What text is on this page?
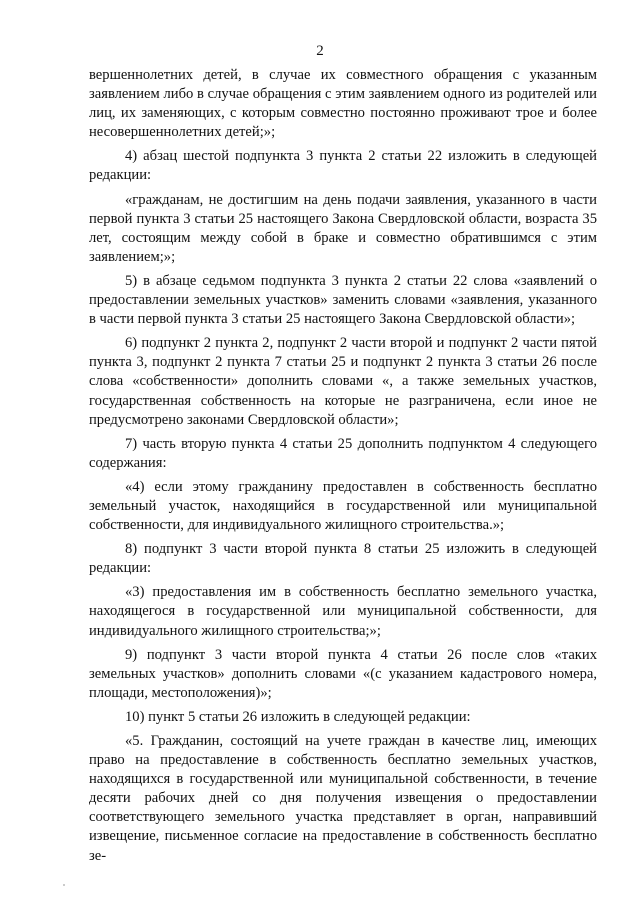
2

вершеннолетних детей, в случае их совместного обращения с указанным заявлением либо в случае обращения с этим заявлением одного из родителей или лиц, их заменяющих, с которым совместно постоянно проживают трое и более несовершеннолетних детей;»;

4) абзац шестой подпункта 3 пункта 2 статьи 22 изложить в следующей редакции:

«гражданам, не достигшим на день подачи заявления, указанного в части первой пункта 3 статьи 25 настоящего Закона Свердловской области, возраста 35 лет, состоящим между собой в браке и совместно обратившимся с этим заявлением;»;

5) в абзаце седьмом подпункта 3 пункта 2 статьи 22 слова «заявлений о предоставлении земельных участков» заменить словами «заявления, указанного в части первой пункта 3 статьи 25 настоящего Закона Свердловской области»;

6) подпункт 2 пункта 2, подпункт 2 части второй и подпункт 2 части пятой пункта 3, подпункт 2 пункта 7 статьи 25 и подпункт 2 пункта 3 статьи 26 после слова «собственности» дополнить словами «, а также земельных участков, государственная собственность на которые не разграничена, если иное не предусмотрено законами Свердловской области»;

7) часть вторую пункта 4 статьи 25 дополнить подпунктом 4 следующего содержания:

«4) если этому гражданину предоставлен в собственность бесплатно земельный участок, находящийся в государственной или муниципальной собственности, для индивидуального жилищного строительства.»;

8) подпункт 3 части второй пункта 8 статьи 25 изложить в следующей редакции:

«3) предоставления им в собственность бесплатно земельного участка, находящегося в государственной или муниципальной собственности, для индивидуального жилищного строительства;»;

9) подпункт 3 части второй пункта 4 статьи 26 после слов «таких земельных участков» дополнить словами «(с указанием кадастрового номера, площади, местоположения)»;

10) пункт 5 статьи 26 изложить в следующей редакции:

«5. Гражданин, состоящий на учете граждан в качестве лиц, имеющих право на предоставление в собственность бесплатно земельных участков, находящихся в государственной или муниципальной собственности, в течение десяти рабочих дней со дня получения извещения о предоставлении соответствующего земельного участка представляет в орган, направивший извещение, письменное согласие на предоставление в собственность бесплатно зе-
